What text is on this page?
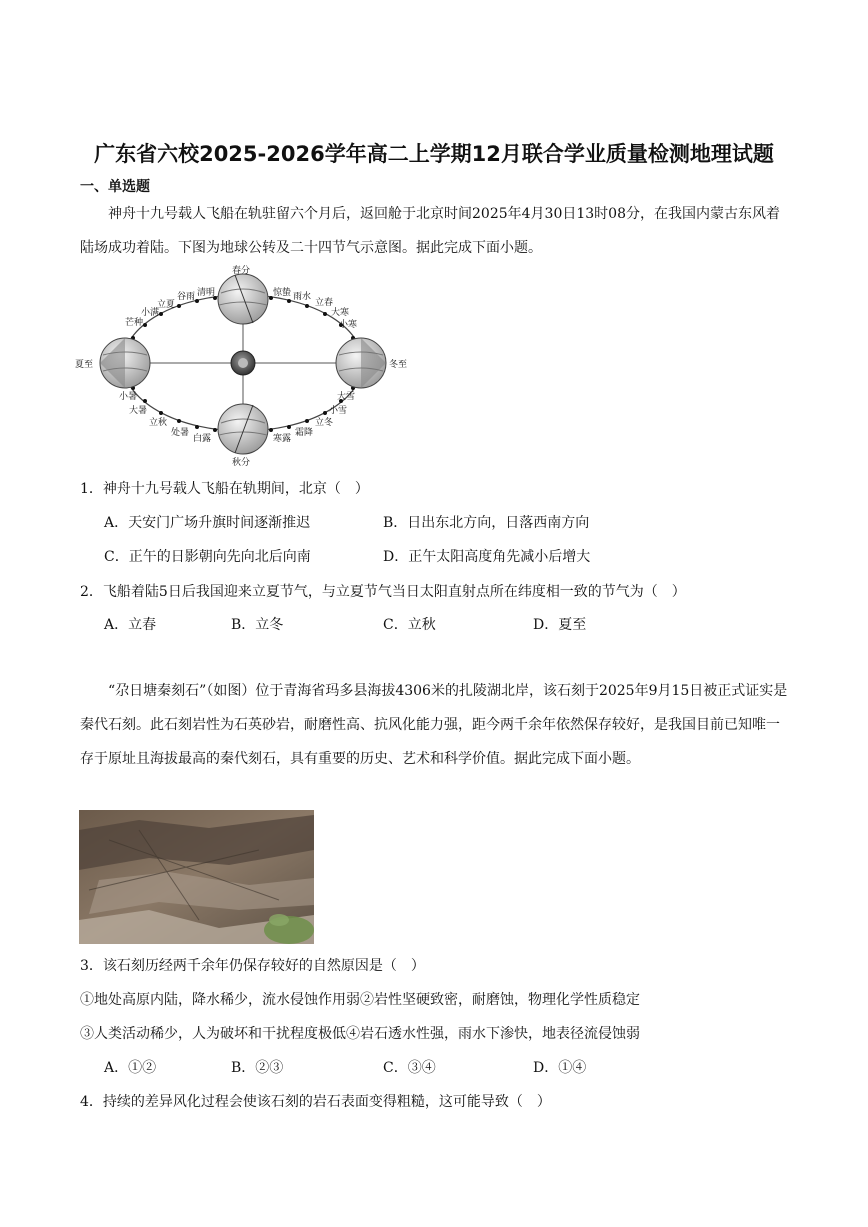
广东省六校2025-2026学年高二上学期12月联合学业质量检测地理试题
一、单选题
神舟十九号载人飞船在轨驻留六个月后，返回舱于北京时间2025年4月30日13时08分，在我国内蒙古东风着陆场成功着陆。下图为地球公转及二十四节气示意图。据此完成下面小题。
春分
秋分
夏至	冬至
惊蛰 雨水
立春
大寒
小寒
清明
谷雨
立夏
小满
芒种
小暑
大暑
立秋
处暑
白露	寒露
霜降
立冬
小雪
大雪
1．神舟十九号载人飞船在轨期间，北京（　）
A．天安门广场升旗时间逐渐推迟	B．日出东北方向，日落西南方向
C．正午的日影朝向先向北后向南	D．正午太阳高度角先减小后增大
2．飞船着陆5日后我国迎来立夏节气，与立夏节气当日太阳直射点所在纬度相一致的节气为（　）
A．立春	B．立冬	C．立秋	D．夏至
“尕日塘秦刻石”（如图）位于青海省玛多县海拔4306米的扎陵湖北岸，该石刻于2025年9月15日被正式证实是秦代石刻。此石刻岩性为石英砂岩，耐磨性高、抗风化能力强，距今两千余年依然保存较好，是我国目前已知唯一存于原址且海拔最高的秦代刻石，具有重要的历史、艺术和科学价值。据此完成下面小题。
3．该石刻历经两千余年仍保存较好的自然原因是（　）
①地处高原内陆，降水稀少，流水侵蚀作用弱②岩性坚硬致密，耐磨蚀，物理化学性质稳定
③人类活动稀少，人为破坏和干扰程度极低④岩石透水性强，雨水下渗快，地表径流侵蚀弱
A．①②	B．②③	C．③④	D．①④
4．持续的差异风化过程会使该石刻的岩石表面变得粗糙，这可能导致（　）
